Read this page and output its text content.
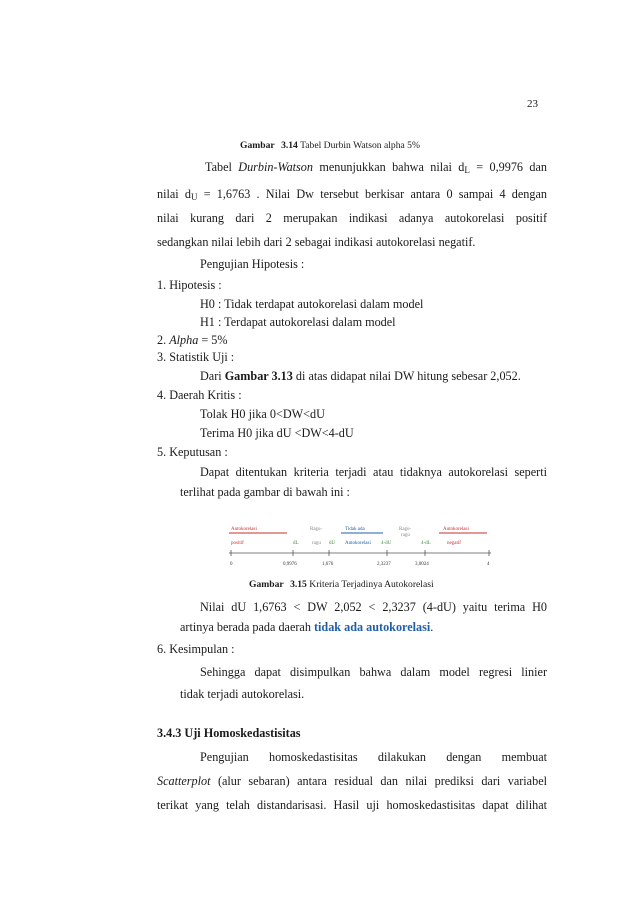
23
Gambar 3.14 Tabel Durbin Watson alpha 5%
Tabel Durbin-Watson menunjukkan bahwa nilai $d_L = 0,9976$ dan
nilai $d_U = 1,6763$ . Nilai Dw tersebut berkisar antara 0 sampai 4 dengan
nilai kurang dari 2 merupakan indikasi adanya autokorelasi positif
sedangkan nilai lebih dari 2 sebagai indikasi autokorelasi negatif.
Pengujian Hipotesis :
1. Hipotesis :
H0 : Tidak terdapat autokorelasi dalam model
H1 : Terdapat autokorelasi dalam model
2. Alpha = 5%
3. Statistik Uji :
Dari Gambar 3.13 di atas didapat nilai DW hitung sebesar 2,052.
4. Daerah Kritis :
Tolak H0 jika 0<DW<dU
Terima H0 jika dU <DW<4-dU
5. Keputusan :
Dapat ditentukan kriteria terjadi atau tidaknya autokorelasi seperti
terlihat pada gambar di bawah ini :
Autokorelasi
positif
Ragu-
ragu
Tidak ada
Autokorelasi
Ragu-
ragu
Autokorelasi
negatif
dL	dU	4-dU	4-dL
0	0,9976	1,676	2,3237	3,0024	4
Gambar 3.15 Kriteria Terjadinya Autokorelasi
Nilai dU 1,6763 < DW 2,052 < 2,3237 (4-dU) yaitu terima H0
artinya berada pada daerah tidak ada autokorelasi.
6. Kesimpulan :
Sehingga dapat disimpulkan bahwa dalam model regresi linier
tidak terjadi autokorelasi.
3.4.3 Uji Homoskedastisitas
Pengujian homoskedastisitas dilakukan dengan membuat
Scatterplot (alur sebaran) antara residual dan nilai prediksi dari variabel
terikat yang telah distandarisasi. Hasil uji homoskedastisitas dapat dilihat
